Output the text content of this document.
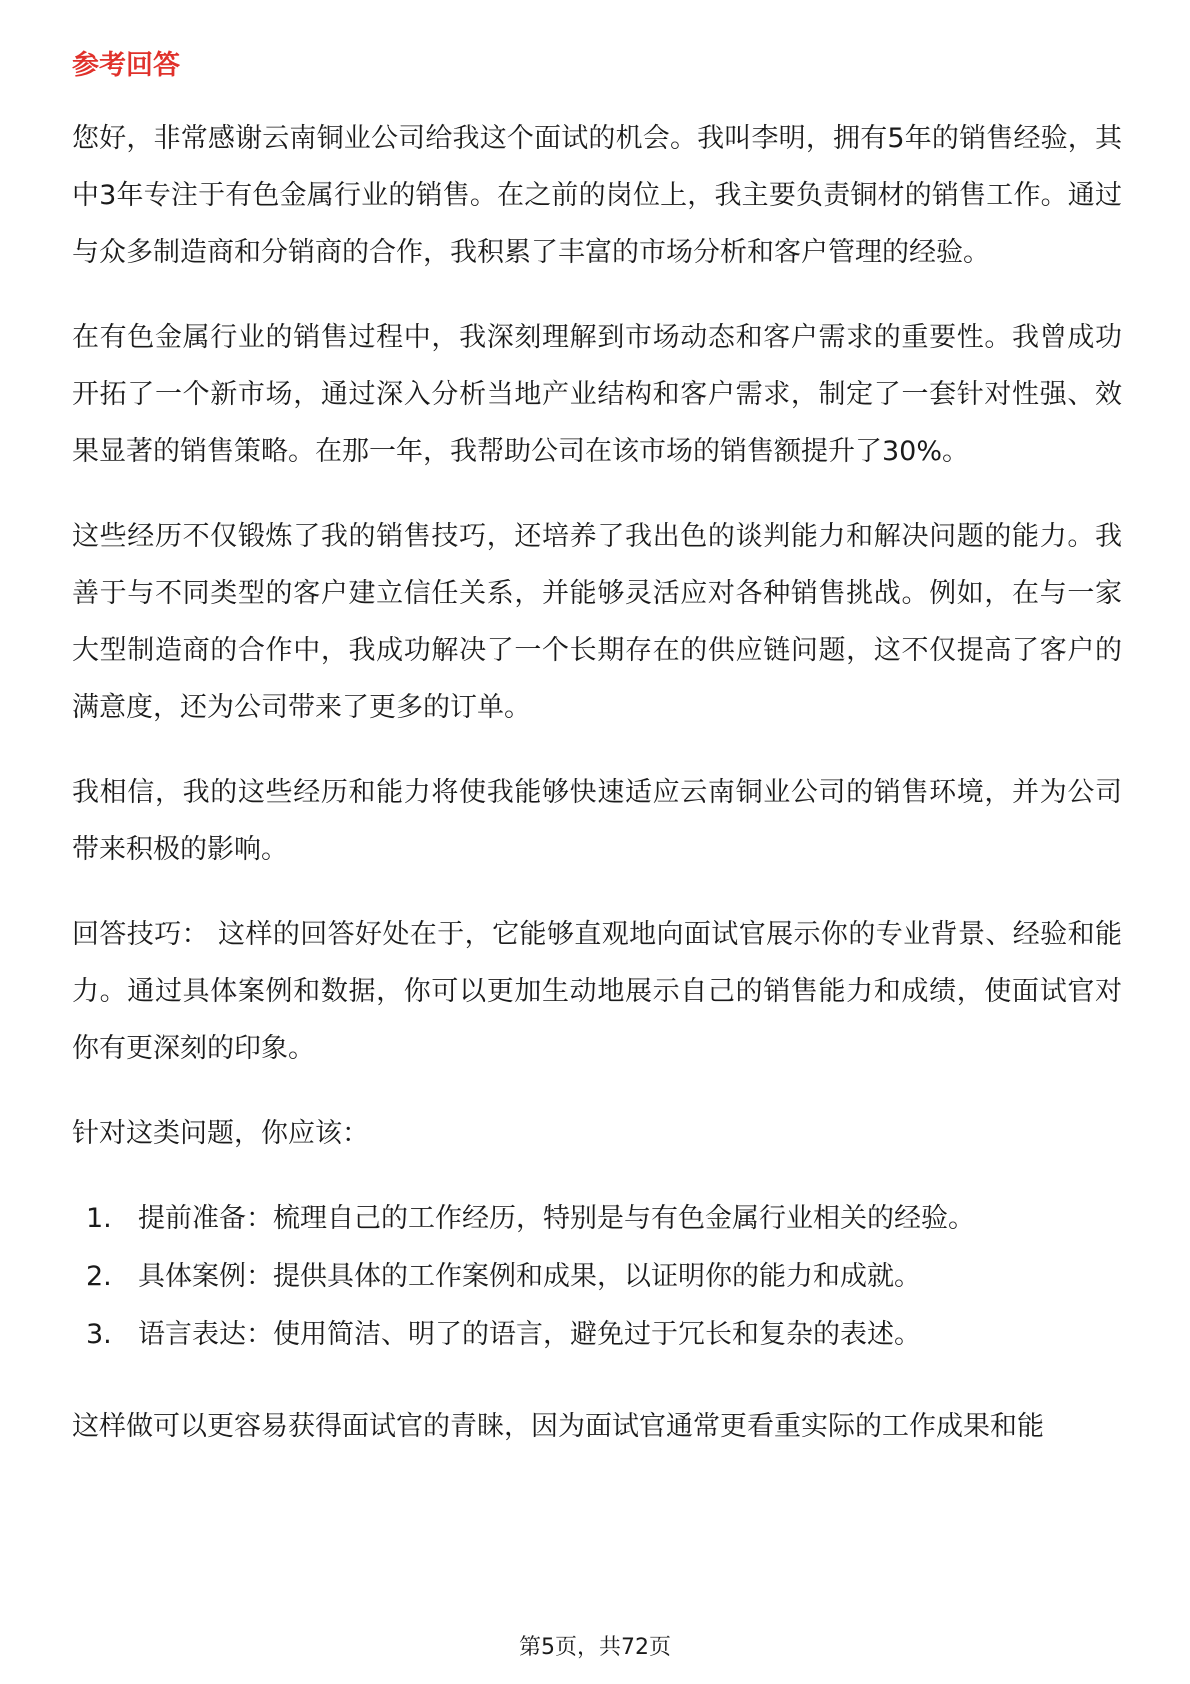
参考回答

您好，非常感谢云南铜业公司给我这个面试的机会。我叫李明，拥有5年的销售经验，其中3年专注于有色金属行业的销售。在之前的岗位上，我主要负责铜材的销售工作。通过与众多制造商和分销商的合作，我积累了丰富的市场分析和客户管理的经验。

在有色金属行业的销售过程中，我深刻理解到市场动态和客户需求的重要性。我曾成功开拓了一个新市场，通过深入分析当地产业结构和客户需求，制定了一套针对性强、效果显著的销售策略。在那一年，我帮助公司在该市场的销售额提升了30%。

这些经历不仅锻炼了我的销售技巧，还培养了我出色的谈判能力和解决问题的能力。我善于与不同类型的客户建立信任关系，并能够灵活应对各种销售挑战。例如，在与一家大型制造商的合作中，我成功解决了一个长期存在的供应链问题，这不仅提高了客户的满意度，还为公司带来了更多的订单。

我相信，我的这些经历和能力将使我能够快速适应云南铜业公司的销售环境，并为公司带来积极的影响。

回答技巧： 这样的回答好处在于，它能够直观地向面试官展示你的专业背景、经验和能力。通过具体案例和数据，你可以更加生动地展示自己的销售能力和成绩，使面试官对你有更深刻的印象。

针对这类问题，你应该：

1. 提前准备：梳理自己的工作经历，特别是与有色金属行业相关的经验。
2. 具体案例：提供具体的工作案例和成果，以证明你的能力和成就。
3. 语言表达：使用简洁、明了的语言，避免过于冗长和复杂的表述。

这样做可以更容易获得面试官的青睐，因为面试官通常更看重实际的工作成果和能

第5页，共72页
